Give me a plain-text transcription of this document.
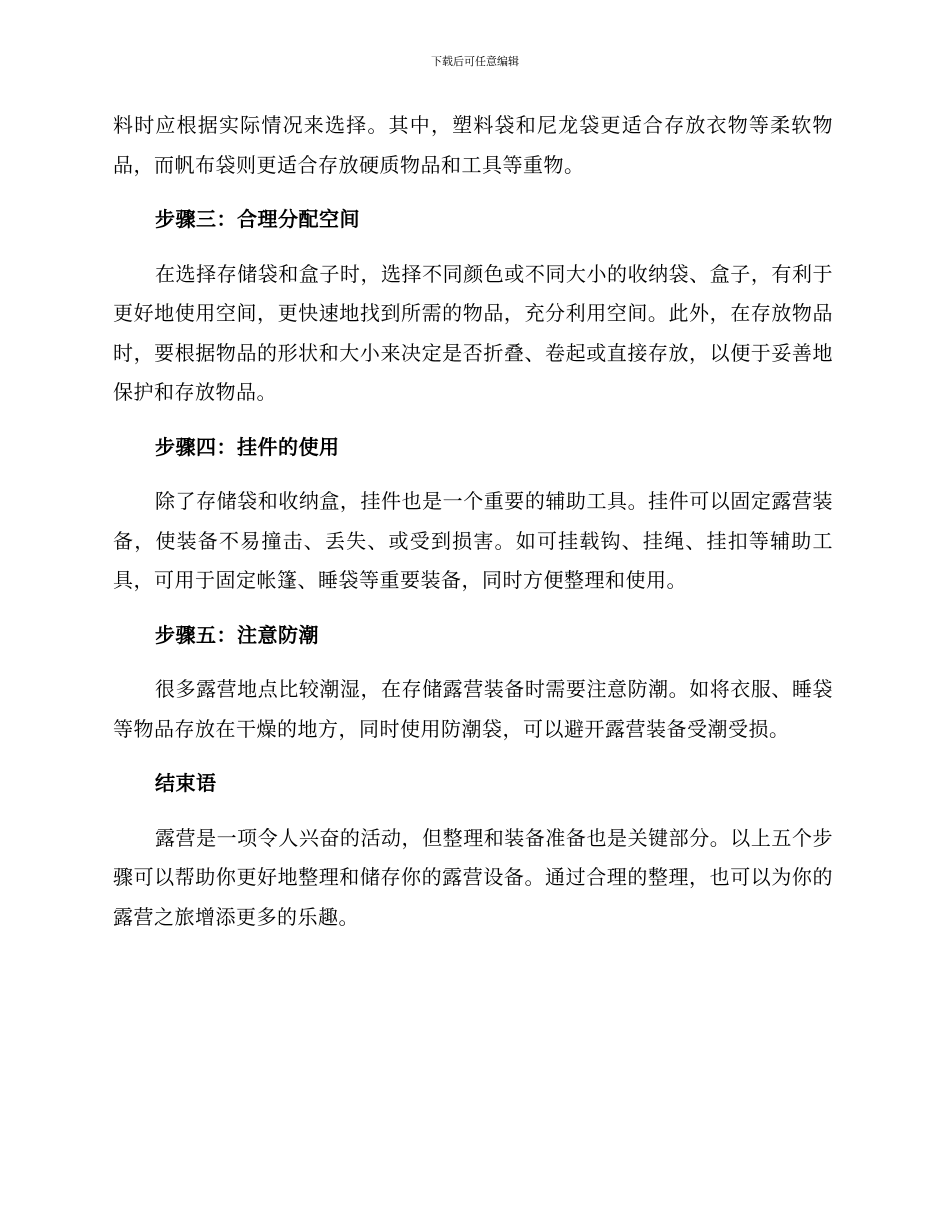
下载后可任意编辑

料时应根据实际情况来选择。其中，塑料袋和尼龙袋更适合存放衣物等柔软物品，而帆布袋则更适合存放硬质物品和工具等重物。

步骤三：合理分配空间

在选择存储袋和盒子时，选择不同颜色或不同大小的收纳袋、盒子，有利于更好地使用空间，更快速地找到所需的物品，充分利用空间。此外，在存放物品时，要根据物品的形状和大小来决定是否折叠、卷起或直接存放，以便于妥善地保护和存放物品。

步骤四：挂件的使用

除了存储袋和收纳盒，挂件也是一个重要的辅助工具。挂件可以固定露营装备，使装备不易撞击、丢失、或受到损害。如可挂载钩、挂绳、挂扣等辅助工具，可用于固定帐篷、睡袋等重要装备，同时方便整理和使用。

步骤五：注意防潮

很多露营地点比较潮湿，在存储露营装备时需要注意防潮。如将衣服、睡袋等物品存放在干燥的地方，同时使用防潮袋，可以避开露营装备受潮受损。

结束语

露营是一项令人兴奋的活动，但整理和装备准备也是关键部分。以上五个步骤可以帮助你更好地整理和储存你的露营设备。通过合理的整理，也可以为你的露营之旅增添更多的乐趣。
